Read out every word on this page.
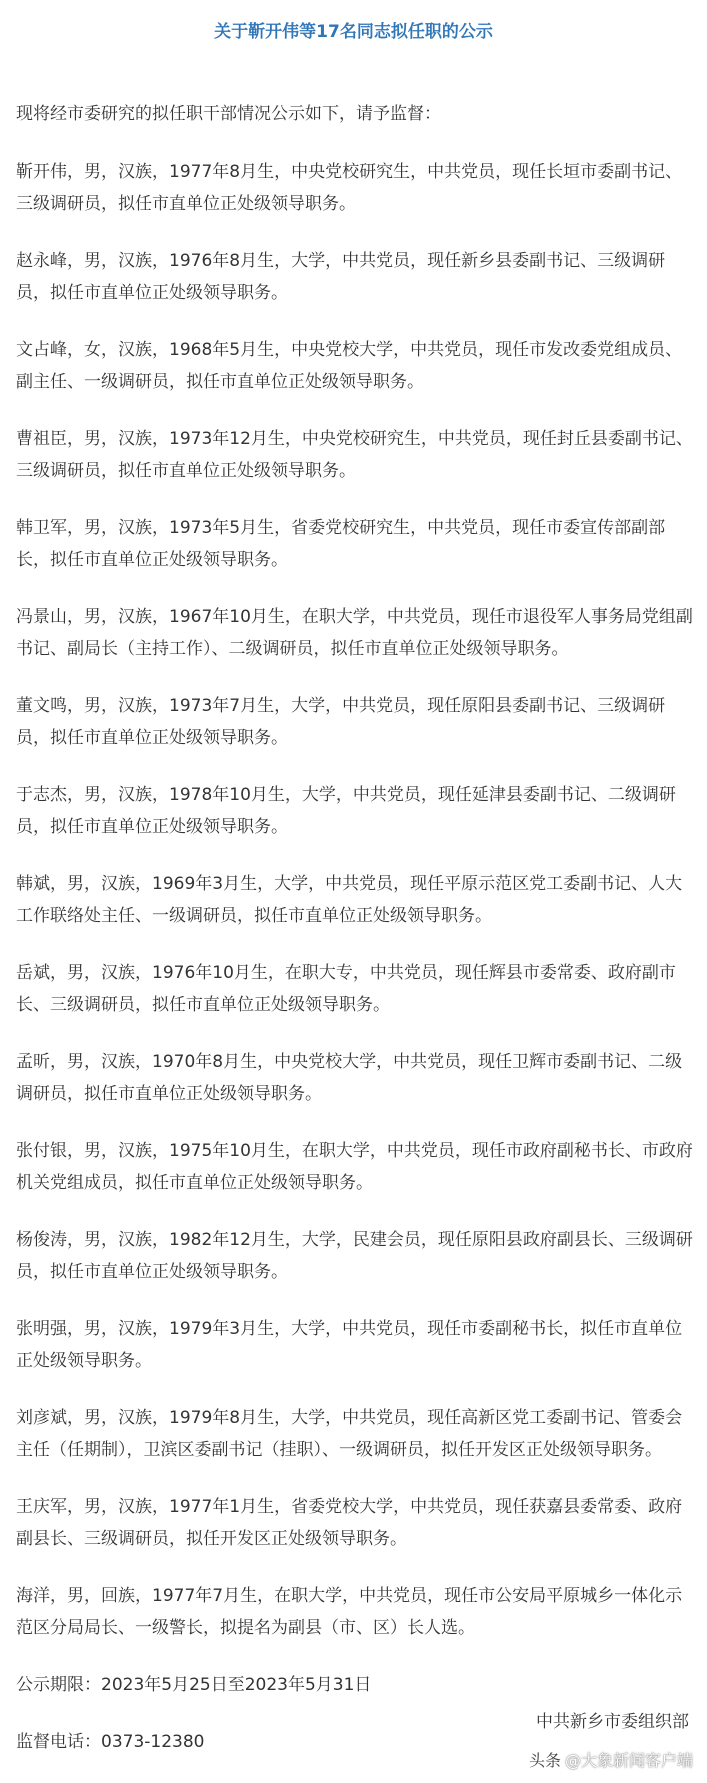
关于靳开伟等17名同志拟任职的公示

现将经市委研究的拟任职干部情况公示如下，请予监督：

靳开伟，男，汉族，1977年8月生，中央党校研究生，中共党员，现任长垣市委副书记、三级调研员，拟任市直单位正处级领导职务。

赵永峰，男，汉族，1976年8月生，大学，中共党员，现任新乡县委副书记、三级调研员，拟任市直单位正处级领导职务。

文占峰，女，汉族，1968年5月生，中央党校大学，中共党员，现任市发改委党组成员、副主任、一级调研员，拟任市直单位正处级领导职务。

曹祖臣，男，汉族，1973年12月生，中央党校研究生，中共党员，现任封丘县委副书记、三级调研员，拟任市直单位正处级领导职务。

韩卫军，男，汉族，1973年5月生，省委党校研究生，中共党员，现任市委宣传部副部长，拟任市直单位正处级领导职务。

冯景山，男，汉族，1967年10月生，在职大学，中共党员，现任市退役军人事务局党组副书记、副局长（主持工作）、二级调研员，拟任市直单位正处级领导职务。

董文鸣，男，汉族，1973年7月生，大学，中共党员，现任原阳县委副书记、三级调研员，拟任市直单位正处级领导职务。

于志杰，男，汉族，1978年10月生，大学，中共党员，现任延津县委副书记、二级调研员，拟任市直单位正处级领导职务。

韩斌，男，汉族，1969年3月生，大学，中共党员，现任平原示范区党工委副书记、人大工作联络处主任、一级调研员，拟任市直单位正处级领导职务。

岳斌，男，汉族，1976年10月生，在职大专，中共党员，现任辉县市委常委、政府副市长、三级调研员，拟任市直单位正处级领导职务。

孟昕，男，汉族，1970年8月生，中央党校大学，中共党员，现任卫辉市委副书记、二级调研员，拟任市直单位正处级领导职务。

张付银，男，汉族，1975年10月生，在职大学，中共党员，现任市政府副秘书长、市政府机关党组成员，拟任市直单位正处级领导职务。

杨俊涛，男，汉族，1982年12月生，大学，民建会员，现任原阳县政府副县长、三级调研员，拟任市直单位正处级领导职务。

张明强，男，汉族，1979年3月生，大学，中共党员，现任市委副秘书长，拟任市直单位正处级领导职务。

刘彦斌，男，汉族，1979年8月生，大学，中共党员，现任高新区党工委副书记、管委会主任（任期制），卫滨区委副书记（挂职）、一级调研员，拟任开发区正处级领导职务。

王庆军，男，汉族，1977年1月生，省委党校大学，中共党员，现任获嘉县委常委、政府副县长、三级调研员，拟任开发区正处级领导职务。

海洋，男，回族，1977年7月生，在职大学，中共党员，现任市公安局平原城乡一体化示范区分局局长、一级警长，拟提名为副县（市、区）长人选。

公示期限：2023年5月25日至2023年5月31日

监督电话：0373-12380

中共新乡市委组织部
头条 @大象新闻客户端
